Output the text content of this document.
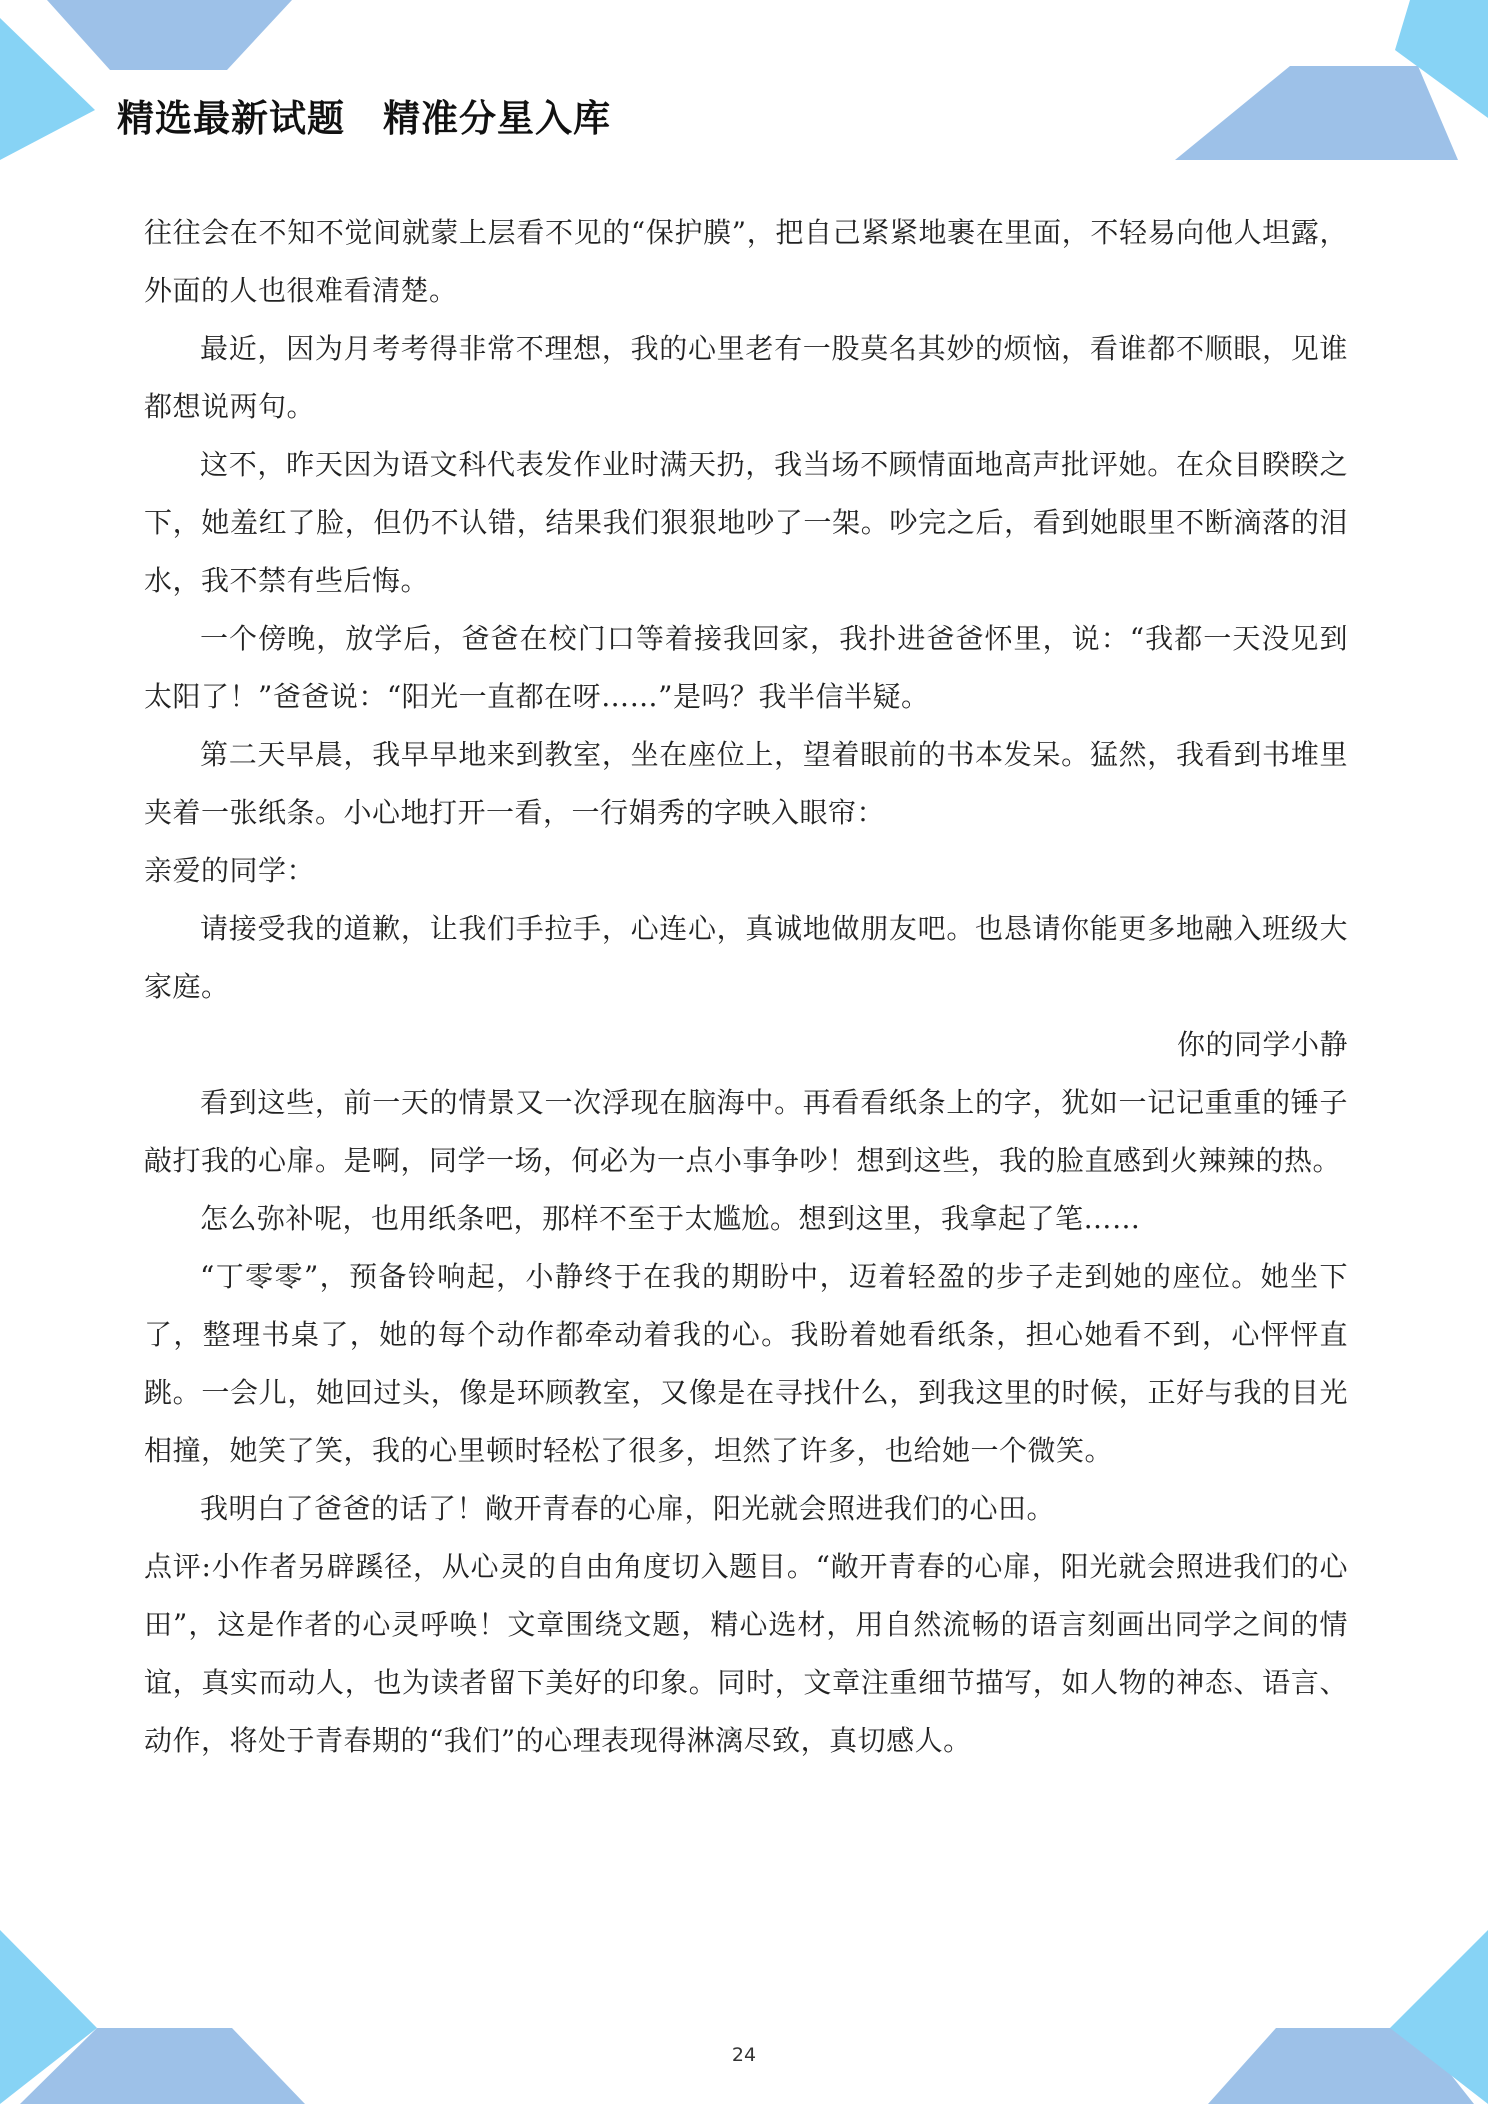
精选最新试题　精准分星入库

往往会在不知不觉间就蒙上层看不见的“保护膜”，把自己紧紧地裹在里面，不轻易向他人坦露，外面的人也很难看清楚。

最近，因为月考考得非常不理想，我的心里老有一股莫名其妙的烦恼，看谁都不顺眼，见谁都想说两句。

这不，昨天因为语文科代表发作业时满天扔，我当场不顾情面地高声批评她。在众目睽睽之下，她羞红了脸，但仍不认错，结果我们狠狠地吵了一架。吵完之后，看到她眼里不断滴落的泪水，我不禁有些后悔。

一个傍晚，放学后，爸爸在校门口等着接我回家，我扑进爸爸怀里，说：“我都一天没见到太阳了！”爸爸说：“阳光一直都在呀……”是吗？我半信半疑。

第二天早晨，我早早地来到教室，坐在座位上，望着眼前的书本发呆。猛然，我看到书堆里夹着一张纸条。小心地打开一看，一行娟秀的字映入眼帘：

亲爱的同学：

请接受我的道歉，让我们手拉手，心连心，真诚地做朋友吧。也恳请你能更多地融入班级大家庭。

你的同学小静

看到这些，前一天的情景又一次浮现在脑海中。再看看纸条上的字，犹如一记记重重的锤子敲打我的心扉。是啊，同学一场，何必为一点小事争吵！想到这些，我的脸直感到火辣辣的热。

怎么弥补呢，也用纸条吧，那样不至于太尴尬。想到这里，我拿起了笔……

“丁零零”，预备铃响起，小静终于在我的期盼中，迈着轻盈的步子走到她的座位。她坐下了，整理书桌了，她的每个动作都牵动着我的心。我盼着她看纸条，担心她看不到，心怦怦直跳。一会儿，她回过头，像是环顾教室，又像是在寻找什么，到我这里的时候，正好与我的目光相撞，她笑了笑，我的心里顿时轻松了很多，坦然了许多，也给她一个微笑。

我明白了爸爸的话了！敞开青春的心扉，阳光就会照进我们的心田。

点评:小作者另辟蹊径，从心灵的自由角度切入题目。“敞开青春的心扉，阳光就会照进我们的心田”，这是作者的心灵呼唤！文章围绕文题，精心选材，用自然流畅的语言刻画出同学之间的情谊，真实而动人，也为读者留下美好的印象。同时，文章注重细节描写，如人物的神态、语言、动作，将处于青春期的“我们”的心理表现得淋漓尽致，真切感人。

24
